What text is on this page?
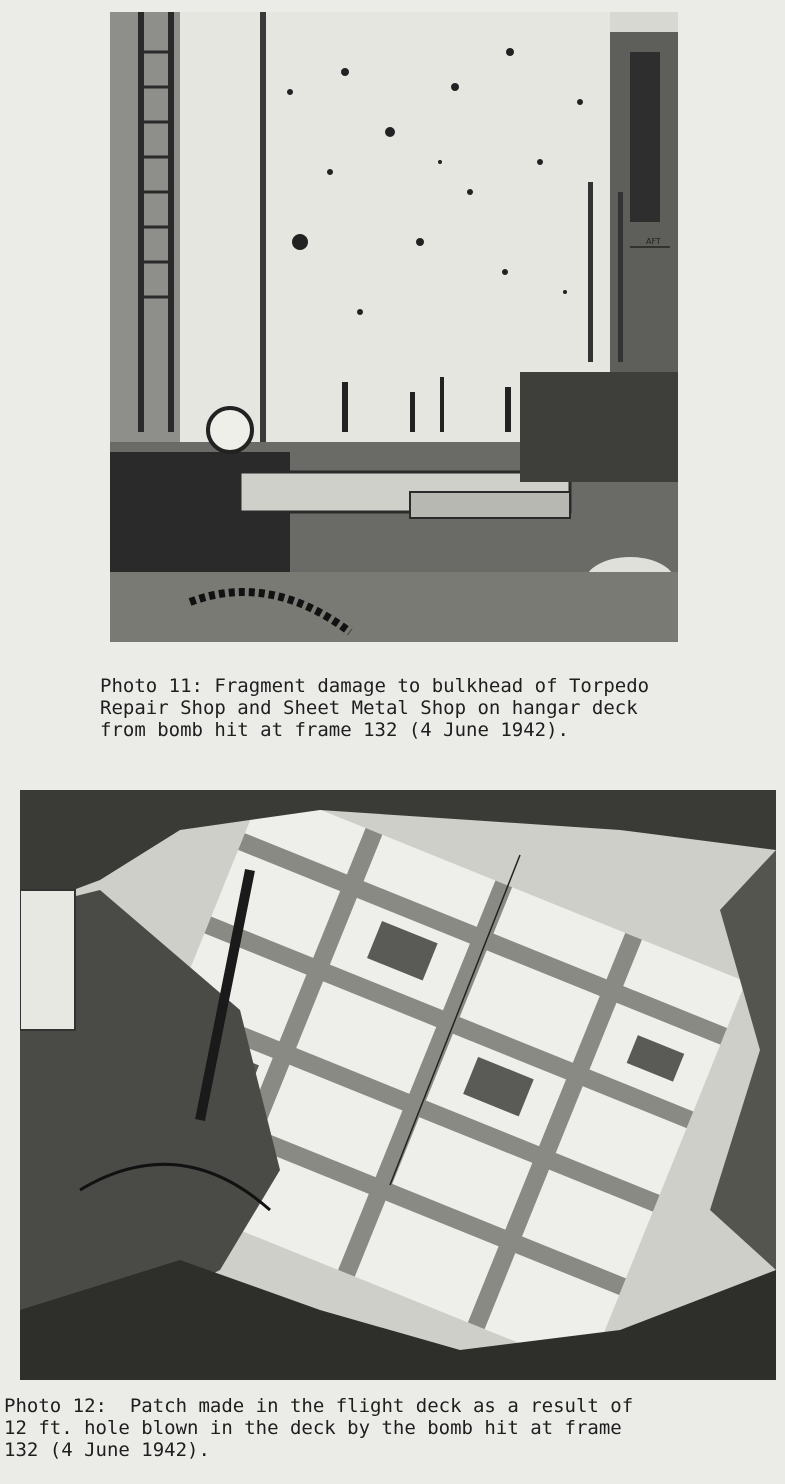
AFT
Photo 11: Fragment damage to bulkhead of Torpedo
Repair Shop and Sheet Metal Shop on hangar deck
from bomb hit at frame 132 (4 June 1942).
Photo 12:  Patch made in the flight deck as a result of
12 ft. hole blown in the deck by the bomb hit at frame
132 (4 June 1942).
